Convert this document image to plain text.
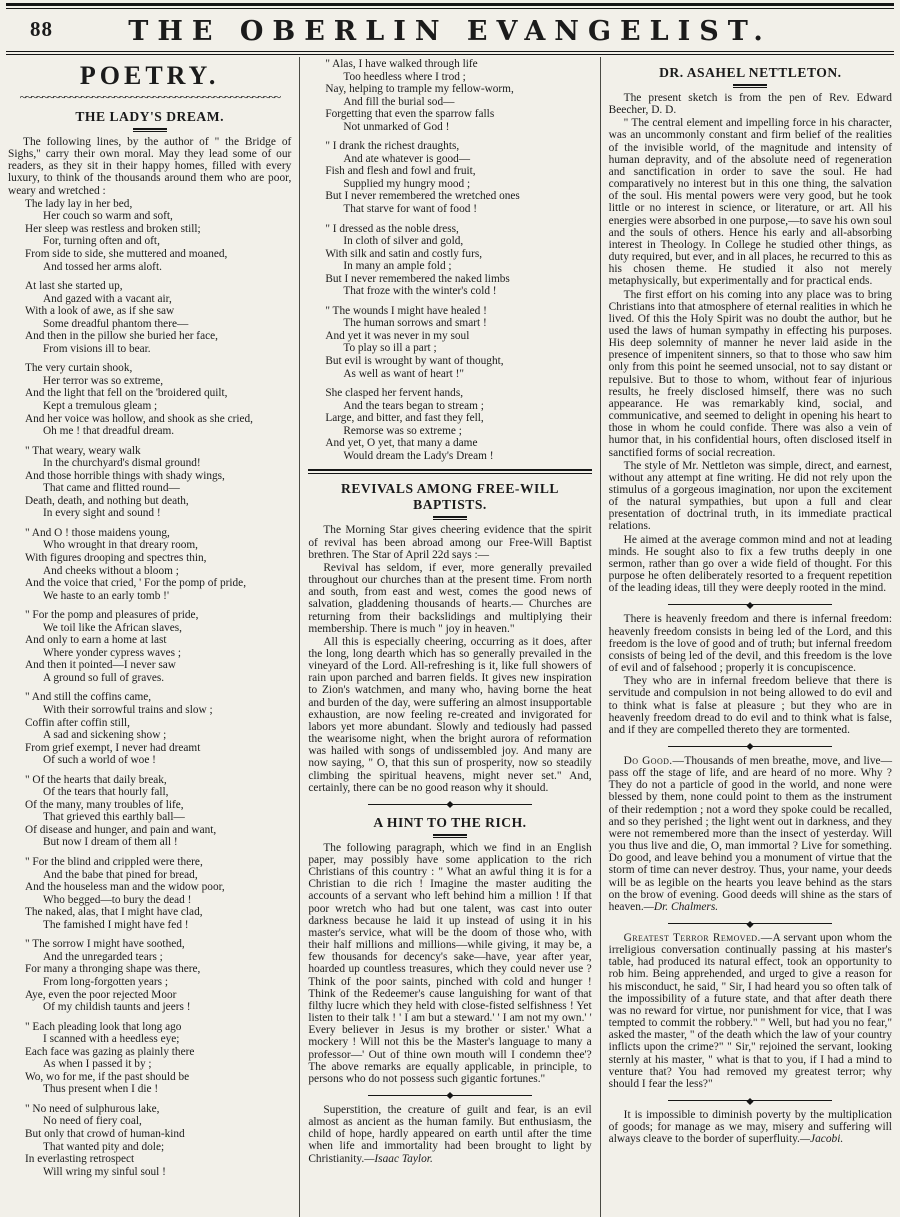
88	THE OBERLIN EVANGELIST.
POETRY. ~~~~~
THE LADY'S DREAM.
The following lines, by the author of " the Bridge of Sighs," carry their own moral. May they lead some of our readers, as they sit in their happy homes, filled with every luxury, to think of the thousands around them who are poor, weary and wretched :
The lady lay in her bed,
Her couch so warm and soft,
Her sleep was restless and broken still;
For, turning often and oft,
From side to side, she muttered and moaned,
And tossed her arms aloft.
At last she started up,
And gazed with a vacant air,
With a look of awe, as if she saw
Some dreadful phantom there—
And then in the pillow she buried her face,
From visions ill to bear.
The very curtain shook,
Her terror was so extreme,
And the light that fell on the 'broidered quilt,
Kept a tremulous gleam ;
And her voice was hollow, and shook as she cried,
Oh me ! that dreadful dream.
" That weary, weary walk
In the churchyard's dismal ground!
And those horrible things with shady wings,
That came and flitted round—
Death, death, and nothing but death,
In every sight and sound !
" And O ! those maidens young,
Who wrought in that dreary room,
With figures drooping and spectres thin,
And cheeks without a bloom ;
And the voice that cried, ' For the pomp of pride,
We haste to an early tomb !'
" For the pomp and pleasures of pride,
We toil like the African slaves,
And only to earn a home at last
Where yonder cypress waves ;
And then it pointed—I never saw
A ground so full of graves.
" And still the coffins came,
With their sorrowful trains and slow ;
Coffin after coffin still,
A sad and sickening show ;
From grief exempt, I never had dreamt
Of such a world of woe !
" Of the hearts that daily break,
Of the tears that hourly fall,
Of the many, many troubles of life,
That grieved this earthly ball—
Of disease and hunger, and pain and want,
But now I dream of them all !
" For the blind and crippled were there,
And the babe that pined for bread,
And the houseless man and the widow poor,
Who begged—to bury the dead !
The naked, alas, that I might have clad,
The famished I might have fed !
" The sorrow I might have soothed,
And the unregarded tears ;
For many a thronging shape was there,
From long-forgotten years ;
Aye, even the poor rejected Moor
Of my childish taunts and jeers !
" Each pleading look that long ago
I scanned with a heedless eye;
Each face was gazing as plainly there
As when I passed it by ;
Wo, wo for me, if the past should be
Thus present when I die !
" No need of sulphurous lake,
No need of fiery coal,
But only that crowd of human-kind
That wanted pity and dole;
In everlasting retrospect
Will wring my sinful soul !
" Alas, I have walked through life
Too heedless where I trod ;
Nay, helping to trample my fellow-worm,
And fill the burial sod—
Forgetting that even the sparrow falls
Not unmarked of God !
" I drank the richest draughts,
And ate whatever is good—
Fish and flesh and fowl and fruit,
Supplied my hungry mood ;
But I never remembered the wretched ones
That starve for want of food !
" I dressed as the noble dress,
In cloth of silver and gold,
With silk and satin and costly furs,
In many an ample fold ;
But I never remembered the naked limbs
That froze with the winter's cold !
" The wounds I might have healed !
The human sorrows and smart !
And yet it was never in my soul
To play so ill a part ;
But evil is wrought by want of thought,
As well as want of heart !"
She clasped her fervent hands,
And the tears began to stream ;
Large, and bitter, and fast they fell,
Remorse was so extreme ;
And yet, O yet, that many a dame
Would dream the Lady's Dream !
REVIVALS AMONG FREE-WILL BAPTISTS.
The Morning Star gives cheering evidence that the spirit of revival has been abroad among our Free-Will Baptist brethren. The Star of April 22d says :—
Revival has seldom, if ever, more generally prevailed throughout our churches than at the present time. From north and south, from east and west, comes the good news of salvation, gladdening thousands of hearts.— Churches are returning from their backslidings and multiplying their membership. There is much " joy in heaven."
All this is especially cheering, occurring as it does, after the long, long dearth which has so generally prevailed in the vineyard of the Lord. All-refreshing is it, like full showers of rain upon parched and barren fields. It gives new inspiration to Zion's watchmen, and many who, having borne the heat and burden of the day, were suffering an almost insupportable exhaustion, are now feeling re-created and invigorated for labors yet more abundant. Slowly and tediously had passed the wearisome night, when the bright aurora of reformation was hailed with songs of undissembled joy. And many are now saying, " O, that this sun of prosperity, now so steadily climbing the spiritual heavens, might never set." And, certainly, there can be no good reason why it should.
A HINT TO THE RICH.
The following paragraph, which we find in an English paper, may possibly have some application to the rich Christians of this country : " What an awful thing it is for a Christian to die rich ! Imagine the master auditing the accounts of a servant who left behind him a million ! If that poor wretch who had but one talent, was cast into outer darkness because he laid it up instead of using it in his master's service, what will be the doom of those who, with their half millions and millions—while giving, it may be, a few thousands for decency's sake—have, year after year, hoarded up countless treasures, which they could never use ? Think of the poor saints, pinched with cold and hunger ! Think of the Redeemer's cause languishing for want of that filthy lucre which they held with close-fisted selfishness ! Yet listen to their talk ! ' I am but a steward.' ' I am not my own.' ' Every believer in Jesus is my brother or sister.' What a mockery ! Will not this be the Master's language to many a professor—' Out of thine own mouth will I condemn thee'? The above remarks are equally applicable, in principle, to persons who do not possess such gigantic fortunes."
Superstition, the creature of guilt and fear, is an evil almost as ancient as the human family. But enthusiasm, the child of hope, hardly appeared on earth until after the time when life and immortality had been brought to light by Christianity.—Isaac Taylor.
DR. ASAHEL NETTLETON.
The present sketch is from the pen of Rev. Edward Beecher, D. D.
" The central element and impelling force in his character, was an uncommonly constant and firm belief of the realities of the invisible world, of the magnitude and intensity of human depravity, and of the absolute need of regeneration and sanctification in order to save the soul. He had comparatively no interest but in this one thing, the salvation of the soul. His mental powers were very good, but he took little or no interest in science, or literature, or art. All his energies were absorbed in one purpose,—to save his own soul and the souls of others. Hence his early and all-absorbing interest in Theology. In College he studied other things, as duty required, but ever, and in all places, he recurred to this as his chosen theme. He studied it also not merely metaphysically, but experimentally and for practical ends.
The first effort on his coming into any place was to bring Christians into that atmosphere of eternal realities in which he lived. Of this the Holy Spirit was no doubt the author, but he used the laws of human sympathy in effecting his purposes. His deep solemnity of manner he never laid aside in the presence of impenitent sinners, so that to those who saw him only from this point he seemed unsocial, not to say distant or repulsive. But to those to whom, without fear of injurious results, he freely disclosed himself, there was no such appearance. He was remarkably kind, social, and communicative, and seemed to delight in opening his heart to those in whom he could confide. There was also a vein of humor that, in his confidential hours, often disclosed itself in sanctified forms of social recreation.
The style of Mr. Nettleton was simple, direct, and earnest, without any attempt at fine writing. He did not rely upon the stimulus of a gorgeous imagination, nor upon the excitement of the natural sympathies, but upon a full and clear presentation of doctrinal truth, in its immediate practical relations.
He aimed at the average common mind and not at leading minds. He sought also to fix a few truths deeply in one sermon, rather than go over a wide field of thought. For this purpose he often deliberately resorted to a frequent repetition of the leading ideas, till they were deeply rooted in the mind.
There is heavenly freedom and there is infernal freedom: heavenly freedom consists in being led of the Lord, and this freedom is the love of good and of truth; but infernal freedom consists of being led of the devil, and this freedom is the love of evil and of falsehood ; properly it is concupiscence.
They who are in infernal freedom believe that there is servitude and compulsion in not being allowed to do evil and to think what is false at pleasure ; but they who are in heavenly freedom dread to do evil and to think what is false, and if they are compelled thereto they are tormented.
Do Good.—Thousands of men breathe, move, and live—pass off the stage of life, and are heard of no more. Why ? They do not a particle of good in the world, and none were blessed by them, none could point to them as the instrument of their redemption ; not a word they spoke could be recalled, and so they perished ; the light went out in darkness, and they were not remembered more than the insect of yesterday. Will you thus live and die, O, man immortal ? Live for something. Do good, and leave behind you a monument of virtue that the storm of time can never destroy. Thus, your name, your deeds will be as legible on the hearts you leave behind as the stars on the brow of evening. Good deeds will shine as the stars of heaven.—Dr. Chalmers.
Greatest Terror Removed.—A servant upon whom the irreligious conversation continually passing at his master's table, had produced its natural effect, took an opportunity to rob him. Being apprehended, and urged to give a reason for his misconduct, he said, " Sir, I had heard you so often talk of the impossibility of a future state, and that after death there was no reward for virtue, nor punishment for vice, that I was tempted to commit the robbery." " Well, but had you no fear," asked the master, " of the death which the law of your country inflicts upon the crime?" " Sir," rejoined the servant, looking sternly at his master, " what is that to you, if I had a mind to venture that? You had removed my greatest terror; why should I fear the less?"
It is impossible to diminish poverty by the multiplication of goods; for manage as we may, misery and suffering will always cleave to the border of superfluity.—Jacobi.
